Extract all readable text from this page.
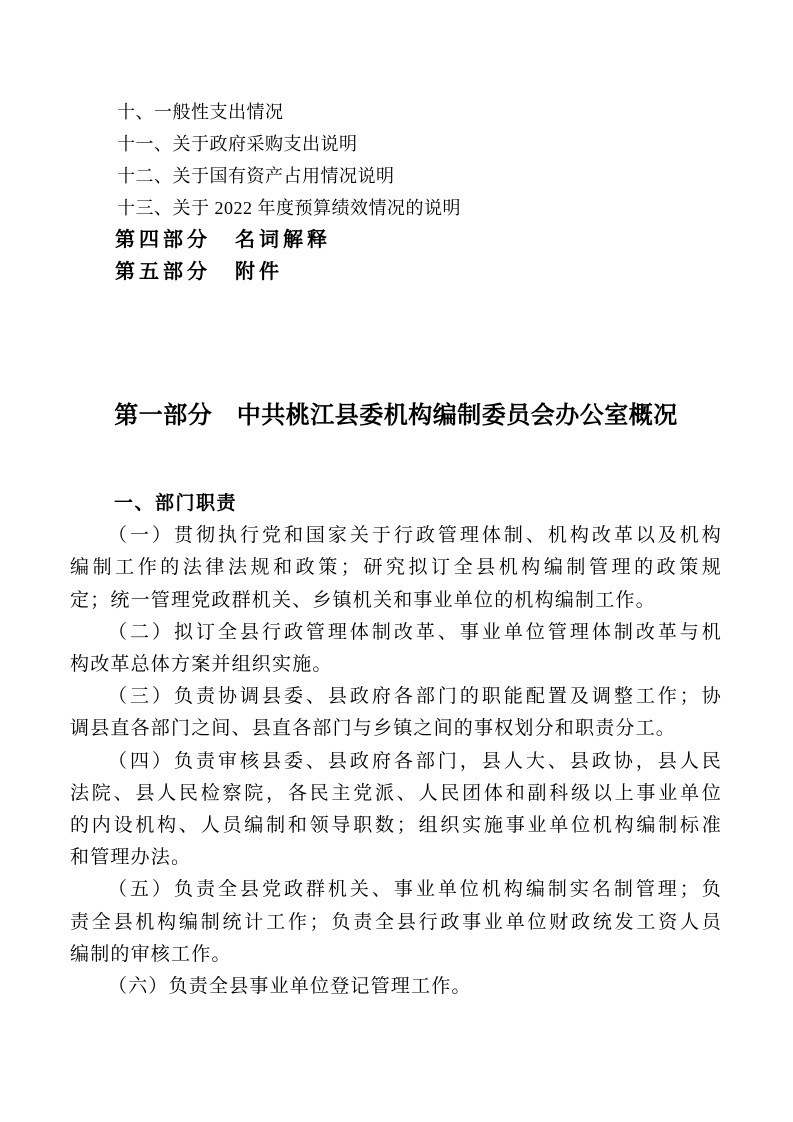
十、一般性支出情况
十一、关于政府采购支出说明
十二、关于国有资产占用情况说明
十三、关于 2022 年度预算绩效情况的说明
第四部分　名词解释
第五部分　附件
第一部分　中共桃江县委机构编制委员会办公室概况
一、部门职责
（一）贯彻执行党和国家关于行政管理体制、机构改革以及机构
编制工作的法律法规和政策；研究拟订全县机构编制管理的政策规
定；统一管理党政群机关、乡镇机关和事业单位的机构编制工作。
（二）拟订全县行政管理体制改革、事业单位管理体制改革与机
构改革总体方案并组织实施。
（三）负责协调县委、县政府各部门的职能配置及调整工作；协
调县直各部门之间、县直各部门与乡镇之间的事权划分和职责分工。
（四）负责审核县委、县政府各部门，县人大、县政协，县人民
法院、县人民检察院，各民主党派、人民团体和副科级以上事业单位
的内设机构、人员编制和领导职数；组织实施事业单位机构编制标准
和管理办法。
（五）负责全县党政群机关、事业单位机构编制实名制管理；负
责全县机构编制统计工作；负责全县行政事业单位财政统发工资人员
编制的审核工作。
（六）负责全县事业单位登记管理工作。
